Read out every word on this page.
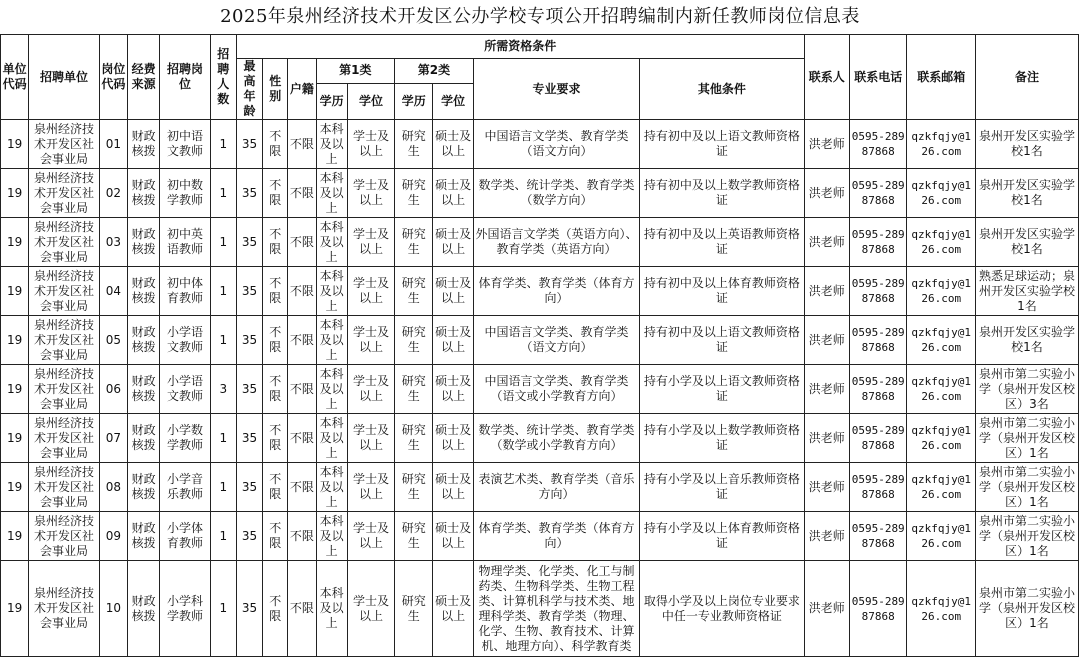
2025年泉州经济技术开发区公办学校专项公开招聘编制内新任教师岗位信息表
单位代码	招聘单位	岗位代码	经费来源	招聘岗位	招聘人数	所需资格条件									联系人	联系电话	联系邮箱	备注
						最高年龄	性别	户籍	第1类		第2类		专业要求	其他条件				
									学历	学位	学历	学位						
19	泉州经济技术开发区社会事业局	01	财政核拨	初中语文教师	1	35	不限	不限	本科及以上	学士及以上	研究生	硕士及以上	中国语言文学类、教育学类（语文方向）	持有初中及以上语文教师资格证	洪老师	0595-28987868	qzkfqjy@126.com	泉州开发区实验学校1名
19	泉州经济技术开发区社会事业局	02	财政核拨	初中数学教师	1	35	不限	不限	本科及以上	学士及以上	研究生	硕士及以上	数学类、统计学类、教育学类（数学方向）	持有初中及以上数学教师资格证	洪老师	0595-28987868	qzkfqjy@126.com	泉州开发区实验学校1名
19	泉州经济技术开发区社会事业局	03	财政核拨	初中英语教师	1	35	不限	不限	本科及以上	学士及以上	研究生	硕士及以上	外国语言文学类（英语方向）、教育学类（英语方向）	持有初中及以上英语教师资格证	洪老师	0595-28987868	qzkfqjy@126.com	泉州开发区实验学校1名
19	泉州经济技术开发区社会事业局	04	财政核拨	初中体育教师	1	35	不限	不限	本科及以上	学士及以上	研究生	硕士及以上	体育学类、教育学类（体育方向）	持有初中及以上体育教师资格证	洪老师	0595-28987868	qzkfqjy@126.com	熟悉足球运动；泉州开发区实验学校1名
19	泉州经济技术开发区社会事业局	05	财政核拨	小学语文教师	1	35	不限	不限	本科及以上	学士及以上	研究生	硕士及以上	中国语言文学类、教育学类（语文方向）	持有初中及以上语文教师资格证	洪老师	0595-28987868	qzkfqjy@126.com	泉州开发区实验学校1名
19	泉州经济技术开发区社会事业局	06	财政核拨	小学语文教师	3	35	不限	不限	本科及以上	学士及以上	研究生	硕士及以上	中国语言文学类、教育学类（语文或小学教育方向）	持有小学及以上语文教师资格证	洪老师	0595-28987868	qzkfqjy@126.com	泉州市第二实验小学（泉州开发区校区）3名
19	泉州经济技术开发区社会事业局	07	财政核拨	小学数学教师	1	35	不限	不限	本科及以上	学士及以上	研究生	硕士及以上	数学类、统计学类、教育学类（数学或小学教育方向）	持有小学及以上数学教师资格证	洪老师	0595-28987868	qzkfqjy@126.com	泉州市第二实验小学（泉州开发区校区）1名
19	泉州经济技术开发区社会事业局	08	财政核拨	小学音乐教师	1	35	不限	不限	本科及以上	学士及以上	研究生	硕士及以上	表演艺术类、教育学类（音乐方向）	持有小学及以上音乐教师资格证	洪老师	0595-28987868	qzkfqjy@126.com	泉州市第二实验小学（泉州开发区校区）1名
19	泉州经济技术开发区社会事业局	09	财政核拨	小学体育教师	1	35	不限	不限	本科及以上	学士及以上	研究生	硕士及以上	体育学类、教育学类（体育方向）	持有小学及以上体育教师资格证	洪老师	0595-28987868	qzkfqjy@126.com	泉州市第二实验小学（泉州开发区校区）1名
19	泉州经济技术开发区社会事业局	10	财政核拨	小学科学教师	1	35	不限	不限	本科及以上	学士及以上	研究生	硕士及以上	物理学类、化学类、化工与制药类、生物科学类、生物工程类、计算机科学与技术类、地理科学类、教育学类（物理、化学、生物、教育技术、计算机、地理方向）、科学教育类	取得小学及以上岗位专业要求中任一专业教师资格证	洪老师	0595-28987868	qzkfqjy@126.com	泉州市第二实验小学（泉州开发区校区）1名
